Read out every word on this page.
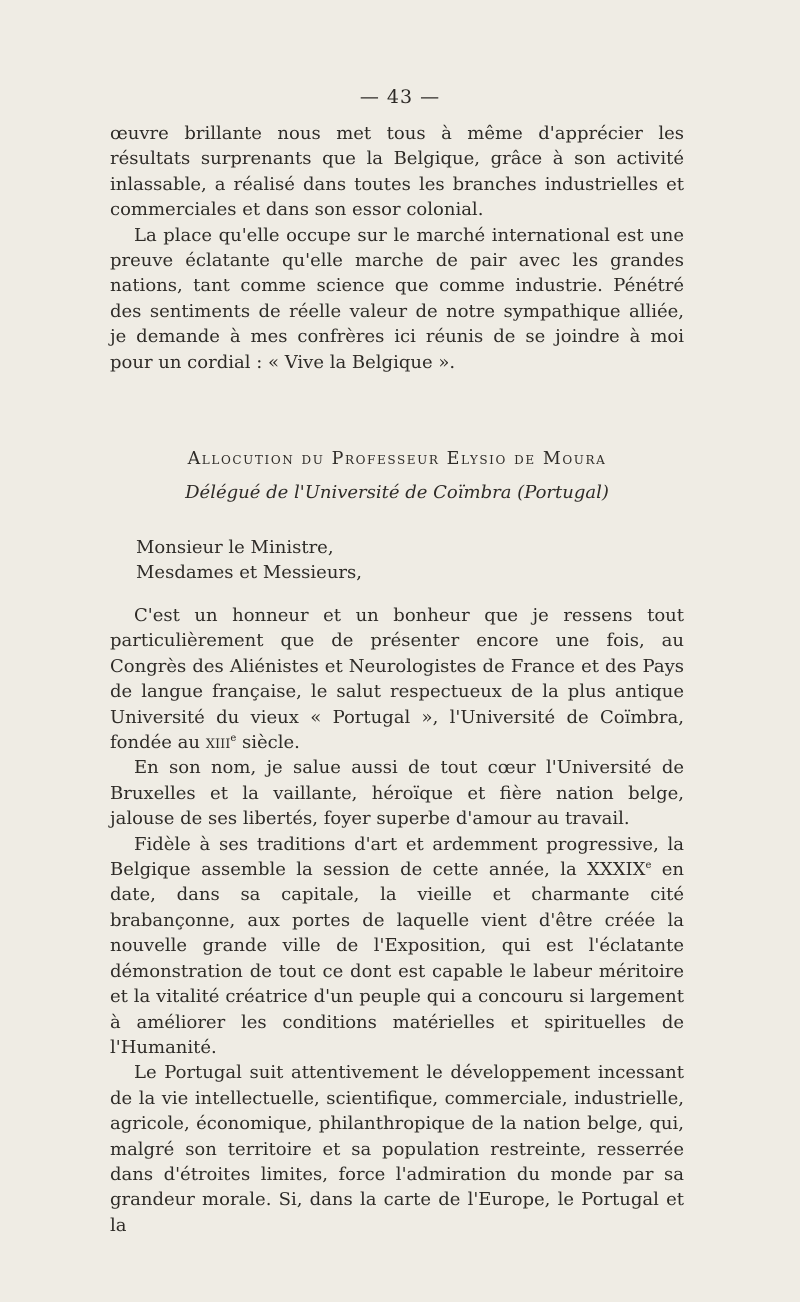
— 43 —

œuvre brillante nous met tous à même d'apprécier les résultats surprenants que la Belgique, grâce à son activité inlassable, a réalisé dans toutes les branches industrielles et commerciales et dans son essor colonial.

La place qu'elle occupe sur le marché international est une preuve éclatante qu'elle marche de pair avec les grandes nations, tant comme science que comme industrie. Pénétré des sentiments de réelle valeur de notre sympathique alliée, je demande à mes confrères ici réunis de se joindre à moi pour un cordial : « Vive la Belgique ».

Allocution du Professeur Elysio de Moura
Délégué de l'Université de Coïmbra (Portugal)
Monsieur le Ministre,
Mesdames et Messieurs,

C'est un honneur et un bonheur que je ressens tout particulièrement que de présenter encore une fois, au Congrès des Aliénistes et Neurologistes de France et des Pays de langue française, le salut respectueux de la plus antique Université du vieux « Portugal », l'Université de Coïmbra, fondée au xiii$^e$ siècle.

En son nom, je salue aussi de tout cœur l'Université de Bruxelles et la vaillante, héroïque et fière nation belge, jalouse de ses libertés, foyer superbe d'amour au travail.

Fidèle à ses traditions d'art et ardemment progressive, la Belgique assemble la session de cette année, la XXXIXe en date, dans sa capitale, la vieille et charmante cité brabançonne, aux portes de laquelle vient d'être créée la nouvelle grande ville de l'Exposition, qui est l'éclatante démonstration de tout ce dont est capable le labeur méritoire et la vitalité créatrice d'un peuple qui a concouru si largement à améliorer les conditions matérielles et spirituelles de l'Humanité.

Le Portugal suit attentivement le développement incessant de la vie intellectuelle, scientifique, commerciale, industrielle, agricole, économique, philanthropique de la nation belge, qui, malgré son territoire et sa population restreinte, resserrée dans d'étroites limites, force l'admiration du monde par sa grandeur morale. Si, dans la carte de l'Europe, le Portugal et la
